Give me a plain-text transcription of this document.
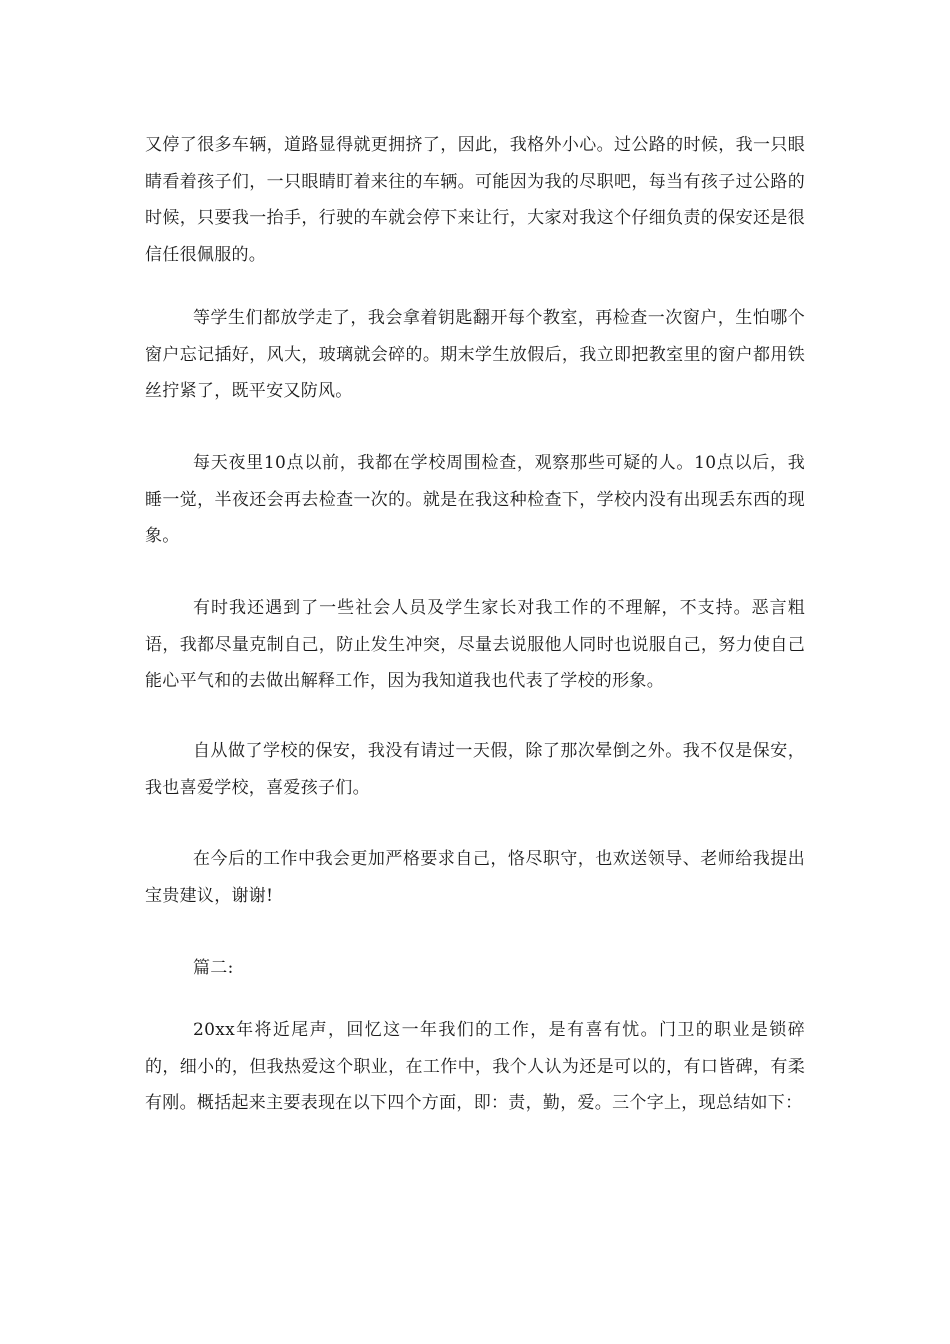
又停了很多车辆，道路显得就更拥挤了，因此，我格外小心。过公路的时候，我一只眼睛看着孩子们，一只眼睛盯着来往的车辆。可能因为我的尽职吧，每当有孩子过公路的时候，只要我一抬手，行驶的车就会停下来让行，大家对我这个仔细负责的保安还是很信任很佩服的。

等学生们都放学走了，我会拿着钥匙翻开每个教室，再检查一次窗户，生怕哪个窗户忘记插好，风大，玻璃就会碎的。期末学生放假后，我立即把教室里的窗户都用铁丝拧紧了，既平安又防风。

每天夜里10点以前，我都在学校周围检查，观察那些可疑的人。10点以后，我睡一觉，半夜还会再去检查一次的。就是在我这种检查下，学校内没有出现丢东西的现象。

有时我还遇到了一些社会人员及学生家长对我工作的不理解，不支持。恶言粗语，我都尽量克制自己，防止发生冲突，尽量去说服他人同时也说服自己，努力使自己能心平气和的去做出解释工作，因为我知道我也代表了学校的形象。

自从做了学校的保安，我没有请过一天假，除了那次晕倒之外。我不仅是保安，我也喜爱学校，喜爱孩子们。

在今后的工作中我会更加严格要求自己，恪尽职守，也欢送领导、老师给我提出宝贵建议，谢谢!

篇二:

20xx年将近尾声，回忆这一年我们的工作，是有喜有忧。门卫的职业是锁碎的，细小的，但我热爱这个职业，在工作中，我个人认为还是可以的，有口皆碑，有柔有刚。概括起来主要表现在以下四个方面，即：责，勤，爱。三个字上，现总结如下：
